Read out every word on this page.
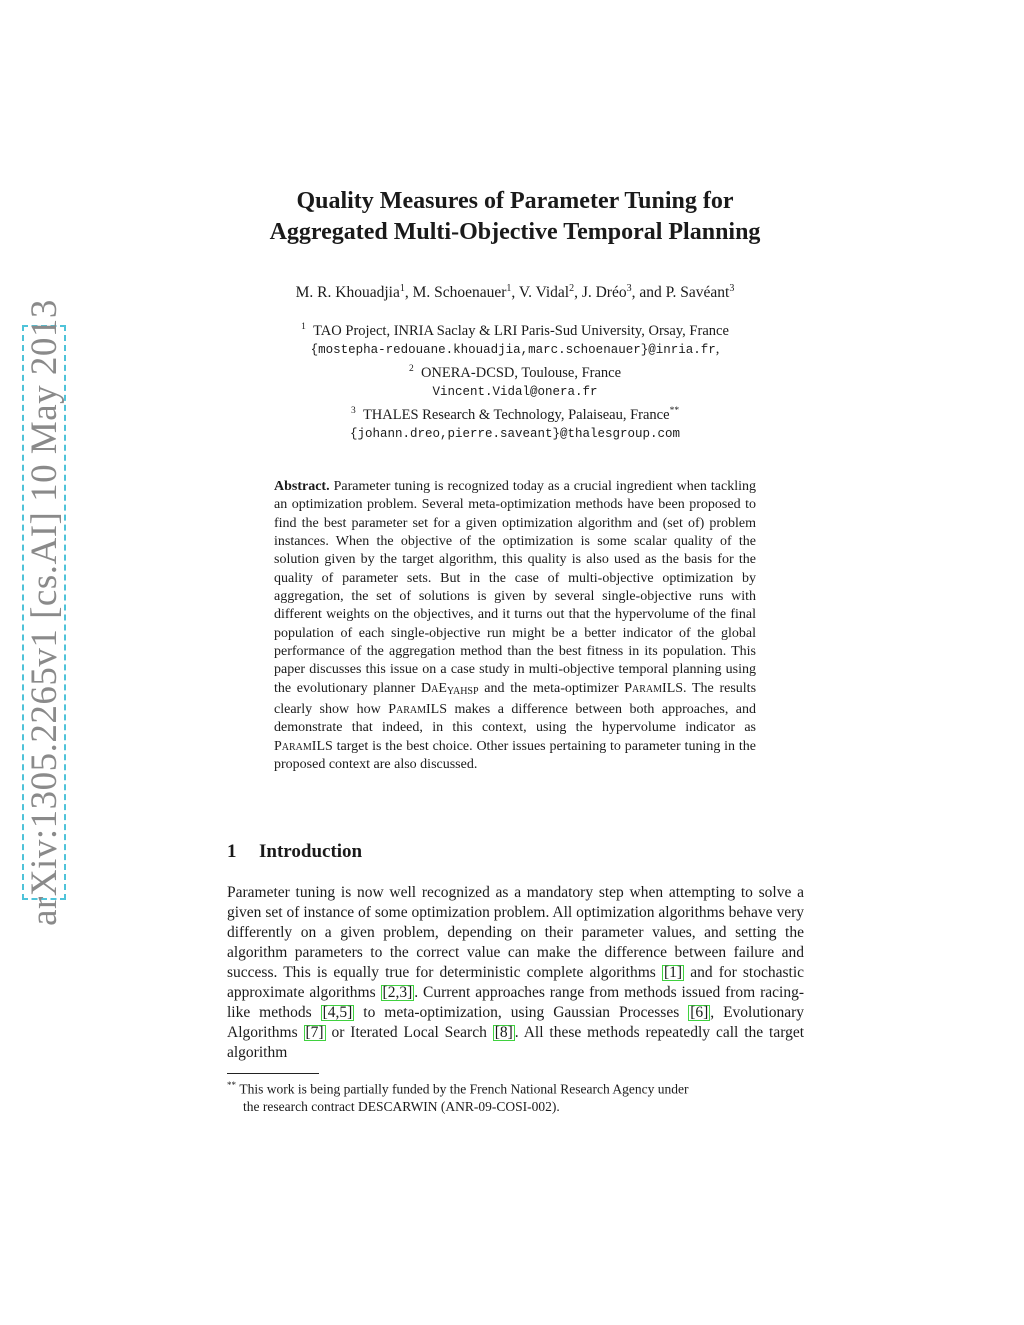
arXiv:1305.2265v1 [cs.AI] 10 May 2013
Quality Measures of Parameter Tuning for
Aggregated Multi-Objective Temporal Planning
M. R. Khouadjia$^1$, M. Schoenauer$^1$, V. Vidal$^2$, J. Dréo$^3$, and P. Savéant$^3$
$^1$ TAO Project, INRIA Saclay & LRI Paris-Sud University, Orsay, France
{mostepha-redouane.khouadjia,marc.schoenauer}@inria.fr,
$^2$ ONERA-DCSD, Toulouse, France
Vincent.Vidal@onera.fr
$^3$ THALES Research & Technology, Palaiseau, France**
{johann.dreo,pierre.saveant}@thalesgroup.com
Abstract. Parameter tuning is recognized today as a crucial ingredient when tackling an optimization problem. Several meta-optimization methods have been proposed to find the best parameter set for a given optimization algorithm and (set of) problem instances. When the objective of the optimization is some scalar quality of the solution given by the target algorithm, this quality is also used as the basis for the quality of parameter sets. But in the case of multi-objective optimization by aggregation, the set of solutions is given by several single-objective runs with different weights on the objectives, and it turns out that the hypervolume of the final population of each single-objective run might be a better indicator of the global performance of the aggregation method than the best fitness in its population. This paper discusses this issue on a case study in multi-objective temporal planning using the evolutionary planner DaEYAHSP and the meta-optimizer ParamILS. The results clearly show how ParamILS makes a difference between both approaches, and demonstrate that indeed, in this context, using the hypervolume indicator as ParamILS target is the best choice. Other issues pertaining to parameter tuning in the proposed context are also discussed.
1 Introduction
Parameter tuning is now well recognized as a mandatory step when attempting to solve a given set of instance of some optimization problem. All optimization algorithms behave very differently on a given problem, depending on their parameter values, and setting the algorithm parameters to the correct value can make the difference between failure and success. This is equally true for deterministic complete algorithms [1] and for stochastic approximate algorithms [2,3] . Current approaches range from methods issued from racing-like methods [4,5] to meta-optimization, using Gaussian Processes [6] , Evolutionary Algorithms [7] or Iterated Local Search [8] . All these methods repeatedly call the target algorithm
** This work is being partially funded by the French National Research Agency under
the research contract DESCARWIN (ANR-09-COSI-002).
